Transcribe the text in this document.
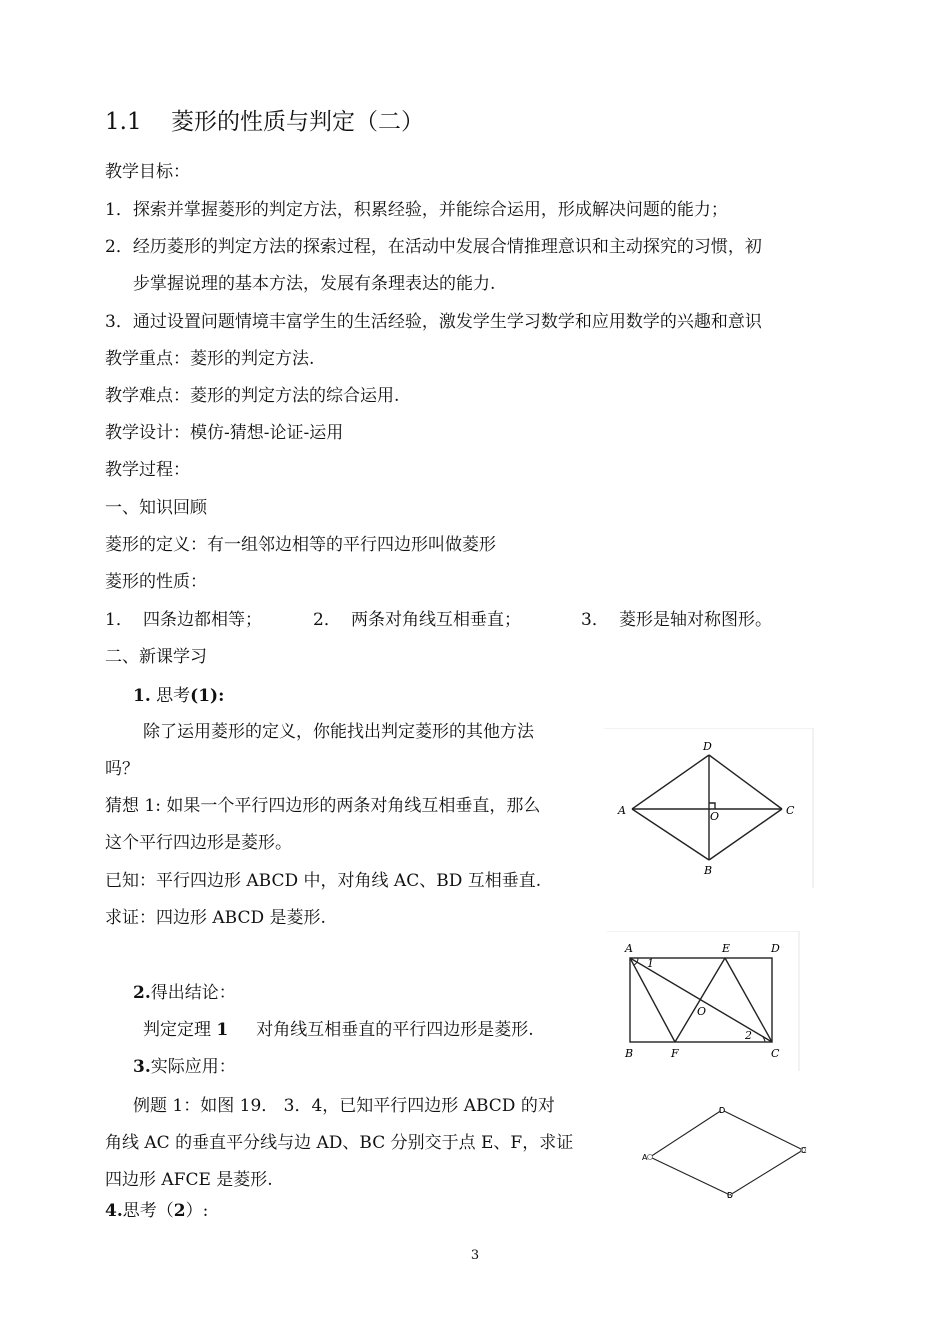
1.1 菱形的性质与判定（二）
教学目标：
1．探索并掌握菱形的判定方法，积累经验，并能综合运用，形成解决问题的能力；
2．经历菱形的判定方法的探索过程，在活动中发展合情推理意识和主动探究的习惯，初
步掌握说理的基本方法，发展有条理表达的能力.
3．通过设置问题情境丰富学生的生活经验，激发学生学习数学和应用数学的兴趣和意识
教学重点：菱形的判定方法.
教学难点：菱形的判定方法的综合运用.
教学设计：模仿-猜想-论证-运用
教学过程：
一、知识回顾
菱形的定义：有一组邻边相等的平行四边形叫做菱形
菱形的性质：
1． 四条边都相等；	2． 两条对角线互相垂直；	3． 菱形是轴对称图形。
二、新课学习
1. 思考(1):
除了运用菱形的定义，你能找出判定菱形的其他方法
吗？
猜想 1: 如果一个平行四边形的两条对角线互相垂直，那么
这个平行四边形是菱形。
已知：平行四边形 ABCD 中，对角线 AC、BD 互相垂直.
求证：四边形 ABCD 是菱形.
2.得出结论：
判定定理 1 对角线互相垂直的平行四边形是菱形.
3.实际应用：
例题 1：如图 19． 3．4，已知平行四边形 ABCD 的对
角线 AC 的垂直平分线与边 AD、BC 分别交于点 E、F，求证
四边形 AFCE 是菱形.
4.思考（2）:
D
A	C
O
B
A	E	D
1
O
2
B	F	C
D
A
C
B
3
